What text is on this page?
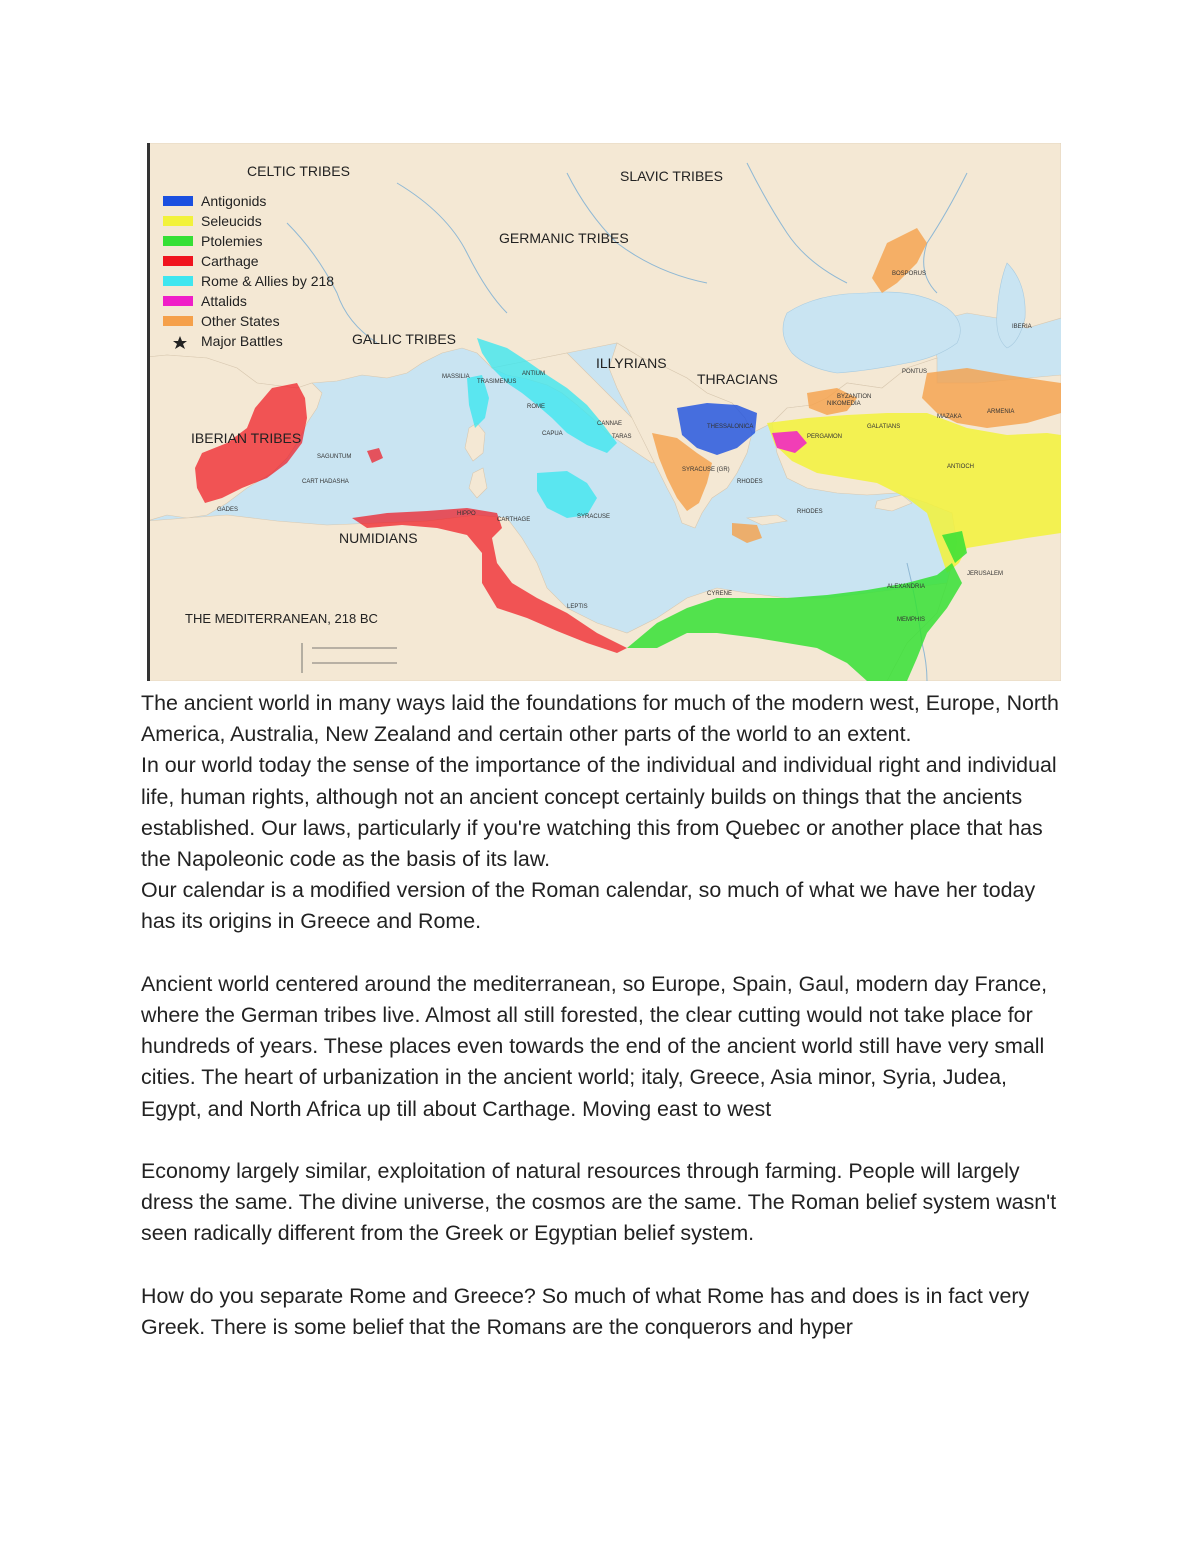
MASSILIA
TRASIMENUS
ANTIUM
ROME
CANNAE
CAPUA	TARAS
THESSALONICA
SYRACUSE (GR)
RHODES
SYRACUSE
SAGUNTUM
CART HADASHA
GADES
HIPPO
CARTHAGE
LEPTIS
CYRENE
PERGAMON
GALATIANS
MAZAKA
ARMENIA
ANTIOCH
BYZANTION
NIKOMEDIA
PONTUS
RHODES
JERUSALEM
ALEXANDRIA
MEMPHIS
BOSPORUS
IBERIA
CELTIC TRIBES	SLAVIC TRIBES
GERMANIC TRIBES
GALLIC TRIBES
ILLYRIANS
THRACIANS
IBERIAN TRIBES
NUMIDIANS
Antigonids
Seleucids
Ptolemies
Carthage
Rome & Allies by 218
Attalids
Other States
Major Battles
THE MEDITERRANEAN, 218 BC

The ancient world in many ways laid the foundations for much of the modern west, Europe, North America, Australia, New Zealand and certain other parts of the world to an extent.

In our world today the sense of the importance of the individual and individual right and individual life, human rights, although not an ancient concept certainly builds on things that the ancients established. Our laws, particularly if you're watching this from Quebec or another place that has the Napoleonic code as the basis of its law.

Our calendar is a modified version of the Roman calendar, so much of what we have her today has its origins in Greece and Rome.

Ancient world centered around the mediterranean, so Europe, Spain, Gaul, modern day France, where the German tribes live. Almost all still forested, the clear cutting would not take place for hundreds of years. These places even towards the end of the ancient world still have very small cities. The heart of urbanization in the ancient world; italy, Greece, Asia minor, Syria, Judea, Egypt, and North Africa up till about Carthage. Moving east to west

Economy largely similar, exploitation of natural resources through farming. People will largely dress the same. The divine universe, the cosmos are the same. The Roman belief system wasn't seen radically different from the Greek or Egyptian belief system.

How do you separate Rome and Greece? So much of what Rome has and does is in fact very Greek. There is some belief that the Romans are the conquerors and hyper
